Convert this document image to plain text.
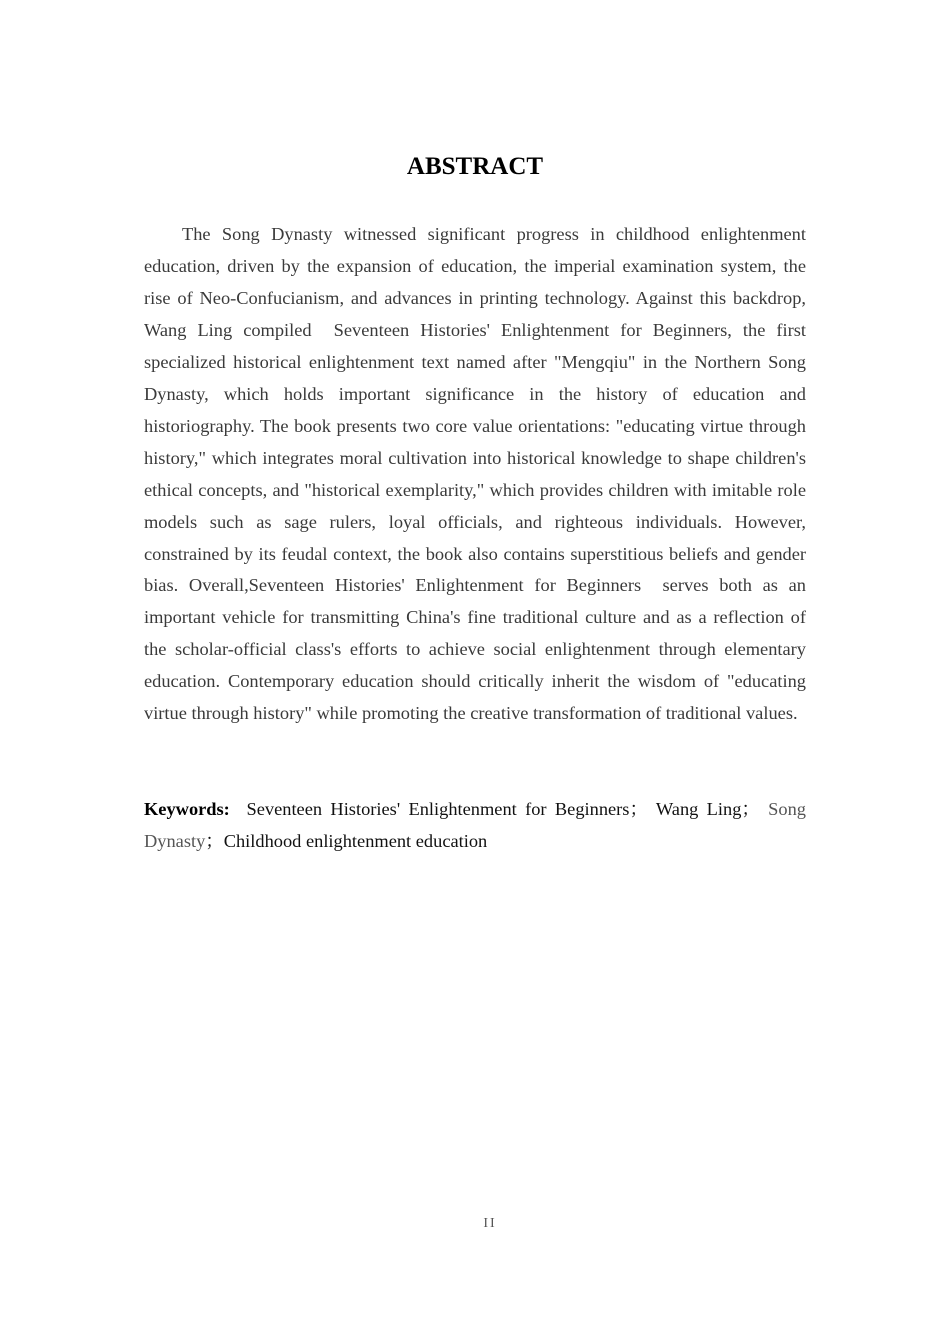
ABSTRACT

The Song Dynasty witnessed significant progress in childhood enlightenment education, driven by the expansion of education, the imperial examination system, the rise of Neo-Confucianism, and advances in printing technology. Against this backdrop, Wang Ling compiled  Seventeen Histories' Enlightenment for Beginners, the first specialized historical enlightenment text named after "Mengqiu" in the Northern Song Dynasty, which holds important significance in the history of education and historiography. The book presents two core value orientations: "educating virtue through history," which integrates moral cultivation into historical knowledge to shape children's ethical concepts, and "historical exemplarity," which provides children with imitable role models such as sage rulers, loyal officials, and righteous individuals. However, constrained by its feudal context, the book also contains superstitious beliefs and gender bias. Overall,Seventeen Histories' Enlightenment for Beginners  serves both as an important vehicle for transmitting China's fine traditional culture and as a reflection of the scholar-official class's efforts to achieve social enlightenment through elementary education. Contemporary education should critically inherit the wisdom of "educating virtue through history" while promoting the creative transformation of traditional values.

Keywords: Seventeen Histories' Enlightenment for Beginners； Wang Ling； Song Dynasty；Childhood enlightenment education

II
